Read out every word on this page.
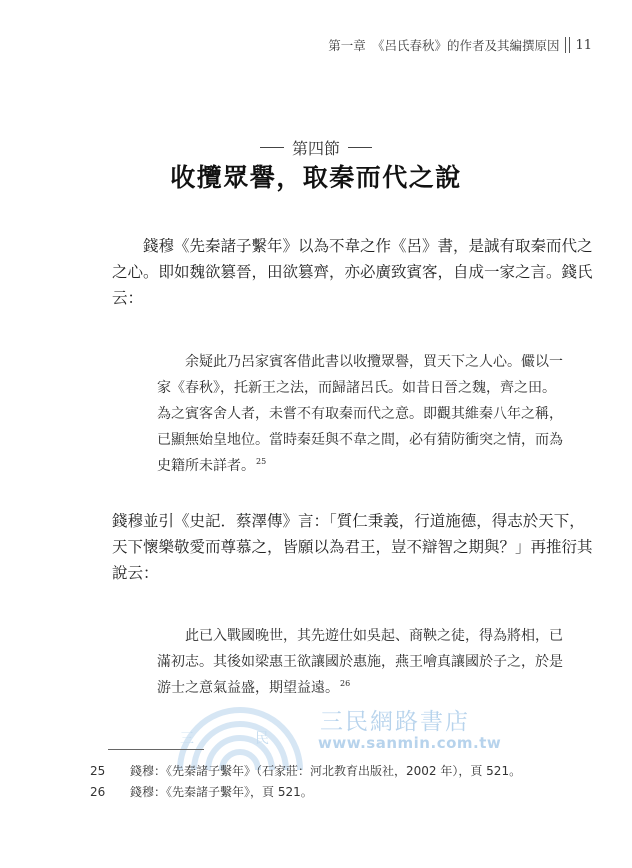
第一章　《呂氏春秋》的作者及其編撰原因 11
第四節
收攬眾譽，取秦而代之說
　　錢穆《先秦諸子繫年》以為不韋之作《呂》書，是誠有取秦而代之
之心。即如魏欲篡晉，田欲篡齊，亦必廣致賓客，自成一家之言。錢氏
云：
　　余疑此乃呂家賓客借此書以收攬眾譽，買天下之人心。儼以一
家《春秋》，托新王之法，而歸諸呂氏。如昔日晉之魏，齊之田。
為之賓客舍人者，未嘗不有取秦而代之意。即觀其維秦八年之稱，
已顯無始皇地位。當時秦廷與不韋之間，必有猜防衝突之情，而為
史籍所未詳者。$^{25}$
錢穆並引《史記．蔡澤傳》言：「質仁秉義，行道施德，得志於天下，
天下懷樂敬愛而尊慕之，皆願以為君王，豈不辯智之期與？」再推衍其
說云：
　　此已入戰國晚世，其先遊仕如吳起、商鞅之徒，得為將相，已
滿初志。其後如梁惠王欲讓國於惠施，燕王噲真讓國於子之，於是
游士之意氣益盛，期望益遠。$^{26}$
三	民
三民網路書店
www.sanmin.com.tw
25 錢穆：《先秦諸子繫年》（石家莊：河北教育出版社，2002 年），頁 521。
26 錢穆：《先秦諸子繫年》，頁 521。
